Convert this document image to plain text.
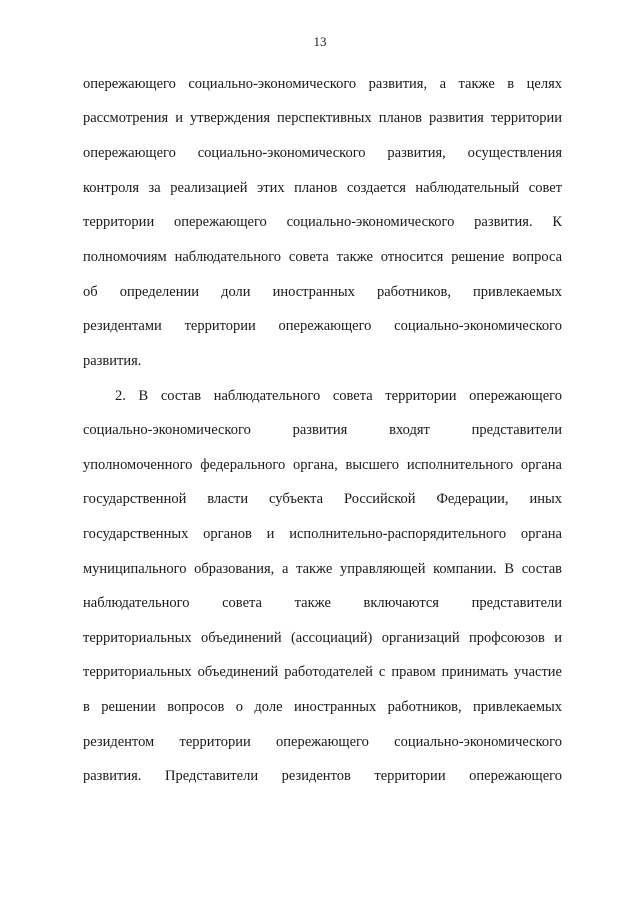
13
опережающего социально-экономического развития, а также в целях
рассмотрения и утверждения перспективных планов развития территории
опережающего социально-экономического развития, осуществления
контроля за реализацией этих планов создается наблюдательный совет
территории опережающего социально-экономического развития. К
полномочиям наблюдательного совета также относится решение вопроса
об определении доли иностранных работников, привлекаемых
резидентами территории опережающего социально-экономического
развития.
2. В состав наблюдательного совета территории опережающего
социально-экономического развития входят представители
уполномоченного федерального органа, высшего исполнительного органа
государственной власти субъекта Российской Федерации, иных
государственных органов и исполнительно-распорядительного органа
муниципального образования, а также управляющей компании. В состав
наблюдательного совета также включаются представители
территориальных объединений (ассоциаций) организаций профсоюзов и
территориальных объединений работодателей с правом принимать участие
в решении вопросов о доле иностранных работников, привлекаемых
резидентом территории опережающего социально-экономического
развития. Представители резидентов территории опережающего
